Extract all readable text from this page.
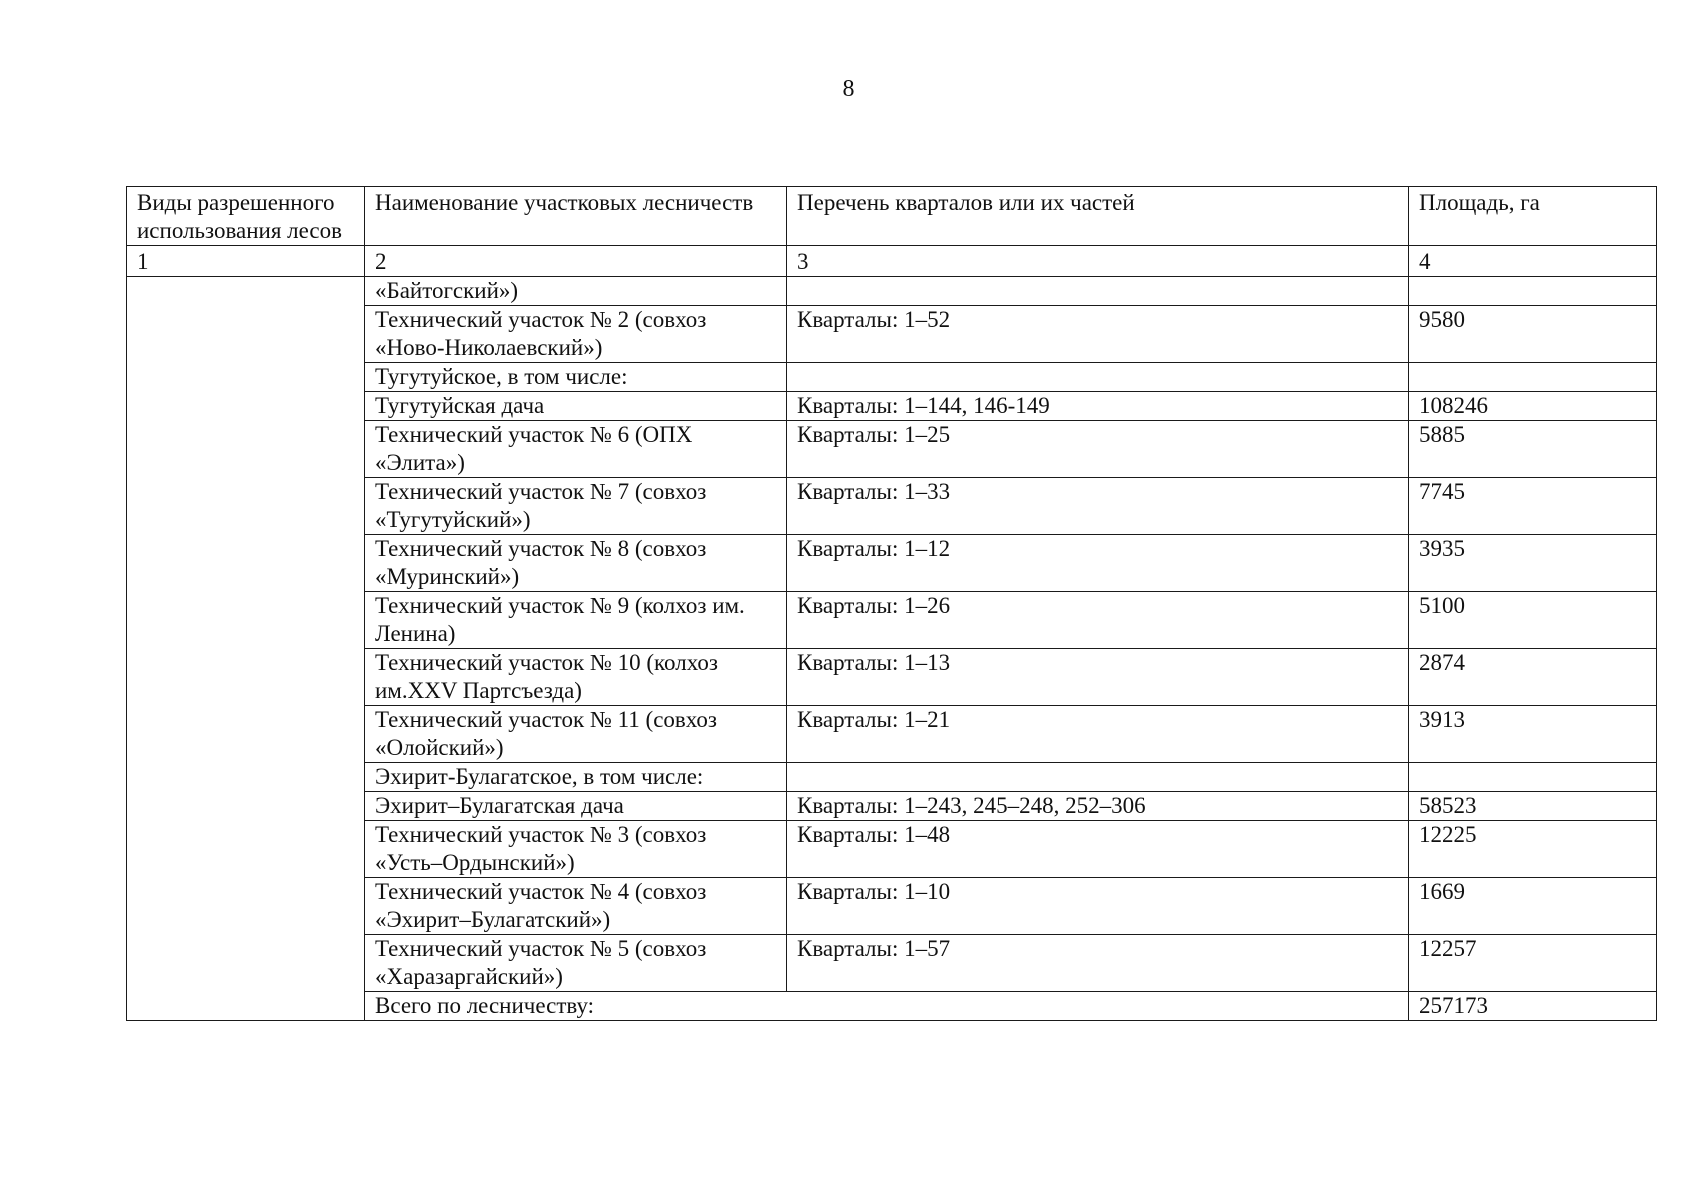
8
Виды разрешенного использования лесов	Наименование участковых лесничеств	Перечень кварталов или их частей	Площадь, га
1	2	3	4
	«Байтогский»)		
	Технический участок № 2 (совхоз «Ново-Николаевский»)	Кварталы: 1–52	9580
	Тугутуйское, в том числе:		
	Тугутуйская дача	Кварталы: 1–144, 146-149	108246
	Технический участок № 6 (ОПХ «Элита»)	Кварталы: 1–25	5885
	Технический участок № 7 (совхоз «Тугутуйский»)	Кварталы: 1–33	7745
	Технический участок № 8 (совхоз «Муринский»)	Кварталы: 1–12	3935
	Технический участок № 9 (колхоз им. Ленина)	Кварталы: 1–26	5100
	Технический участок № 10 (колхоз им.XXV Партсъезда)	Кварталы: 1–13	2874
	Технический участок № 11 (совхоз «Олойский»)	Кварталы: 1–21	3913
	Эхирит-Булагатское, в том числе:		
	Эхирит–Булагатская дача	Кварталы: 1–243, 245–248, 252–306	58523
	Технический участок № 3 (совхоз «Усть–Ордынский»)	Кварталы: 1–48	12225
	Технический участок № 4 (совхоз «Эхирит–Булагатский»)	Кварталы: 1–10	1669
	Технический участок № 5 (совхоз «Харазаргайский»)	Кварталы: 1–57	12257
	Всего по лесничеству:		257173
